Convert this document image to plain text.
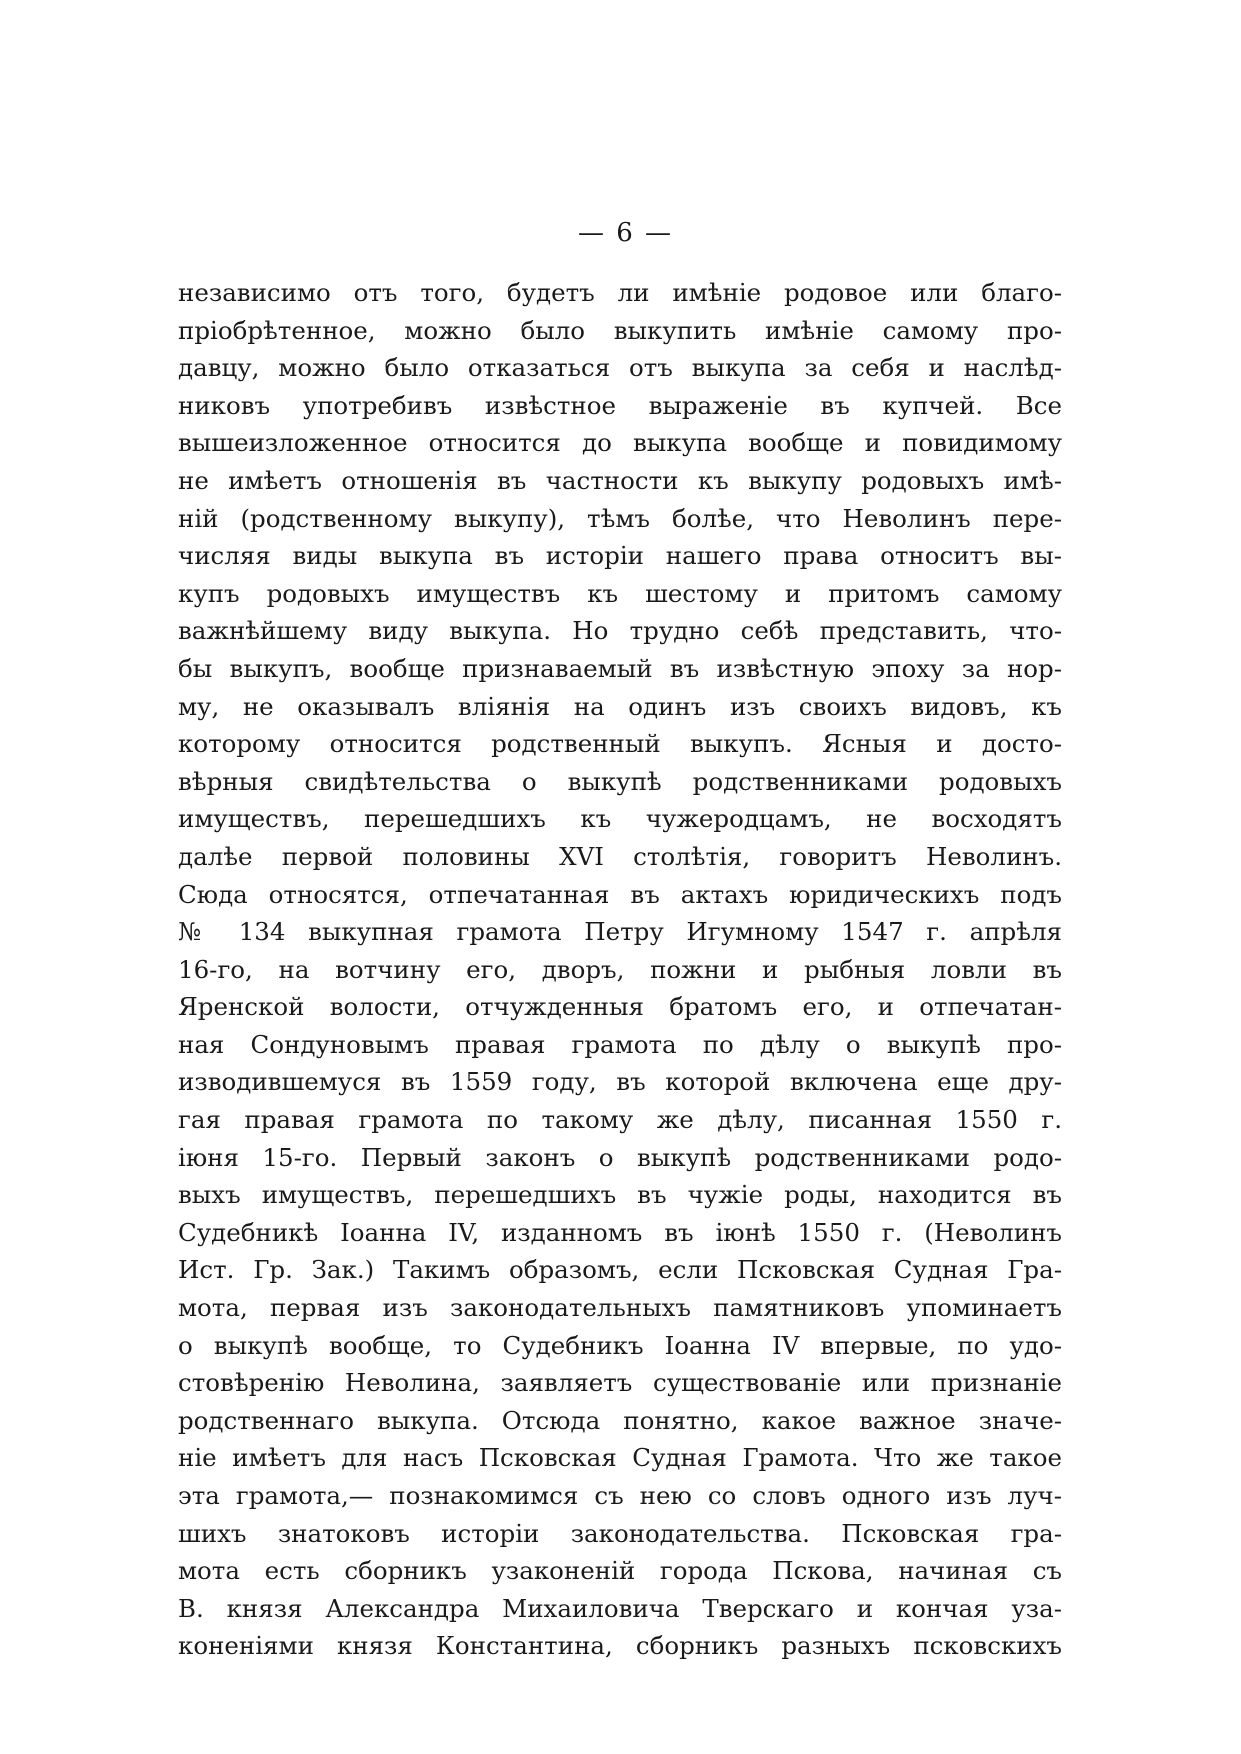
— 6 —
независимо отъ того, будетъ ли имѣніе родовое или благо-
пріобрѣтенное, можно было выкупить имѣніе самому про-
давцу, можно было отказаться отъ выкупа за себя и наслѣд-
никовъ употребивъ извѣстное выраженіе въ купчей. Все
вышеизложенное относится до выкупа вообще и повидимому
не имѣетъ отношенія въ частности къ выкупу родовыхъ имѣ-
ній (родственному выкупу), тѣмъ болѣе, что Неволинъ пере-
числяя виды выкупа въ исторіи нашего права относитъ вы-
купъ родовыхъ имуществъ къ шестому и притомъ самому
важнѣйшему виду выкупа. Но трудно себѣ представить, что-
бы выкупъ, вообще признаваемый въ извѣстную эпоху за нор-
му, не оказывалъ вліянія на одинъ изъ своихъ видовъ, къ
которому относится родственный выкупъ. Ясныя и досто-
вѣрныя свидѣтельства о выкупѣ родственниками родовыхъ
имуществъ, перешедшихъ къ чужеродцамъ, не восходятъ
далѣе первой половины XVI столѣтія, говоритъ Неволинъ.
Сюда относятся, отпечатанная въ актахъ юридическихъ подъ
№ 134 выкупная грамота Петру Игумному 1547 г. апрѣля
16-го, на вотчину его, дворъ, пожни и рыбныя ловли въ
Яренской волости, отчужденныя братомъ его, и отпечатан-
ная Сондуновымъ правая грамота по дѣлу о выкупѣ про-
изводившемуся въ 1559 году, въ которой включена еще дру-
гая правая грамота по такому же дѣлу, писанная 1550 г.
іюня 15-го. Первый законъ о выкупѣ родственниками родо-
выхъ имуществъ, перешедшихъ въ чужіе роды, находится въ
Судебникѣ Іоанна IV, изданномъ въ іюнѣ 1550 г. (Неволинъ
Ист. Гр. Зак.) Такимъ образомъ, если Псковская Судная Гра-
мота, первая изъ законодательныхъ памятниковъ упоминаетъ
о выкупѣ вообще, то Судебникъ Іоанна IV впервые, по удо-
стовѣренію Неволина, заявляетъ существованіе или признаніе
родственнаго выкупа. Отсюда понятно, какое важное значе-
ніе имѣетъ для насъ Псковская Судная Грамота. Что же такое
эта грамота,— познакомимся съ нею со словъ одного изъ луч-
шихъ знатоковъ исторіи законодательства. Псковская гра-
мота есть сборникъ узаконеній города Пскова, начиная съ
В. князя Александра Михаиловича Тверскаго и кончая уза-
коненіями князя Константина, сборникъ разныхъ псковскихъ
